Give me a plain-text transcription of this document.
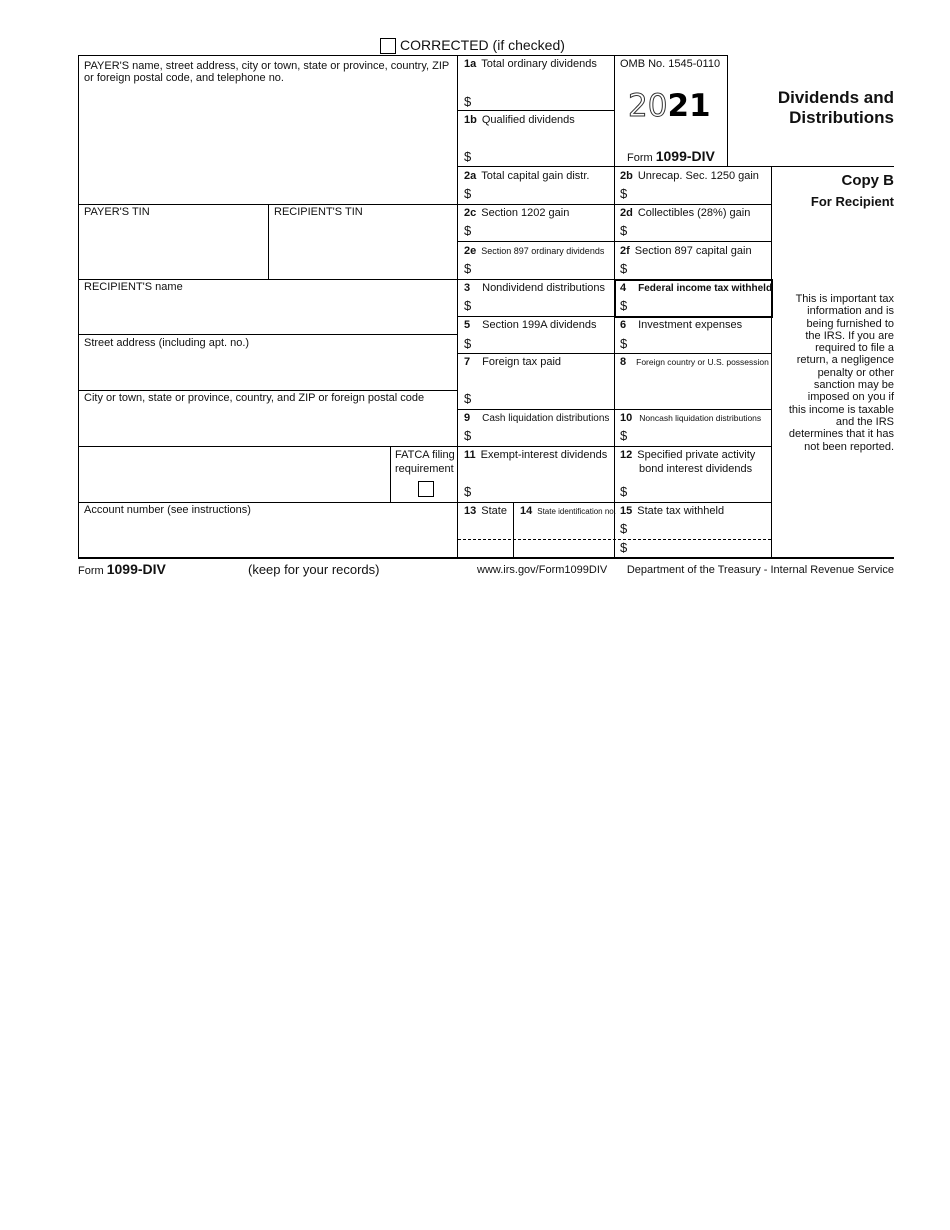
CORRECTED (if checked)
PAYER'S name, street address, city or town, state or province, country, ZIP
or foreign postal code, and telephone no.
PAYER'S TIN	RECIPIENT'S TIN
RECIPIENT'S name
Street address (including apt. no.)
City or town, state or province, country, and ZIP or foreign postal code
FATCA filing
requirement
Account number (see instructions)
1a Total ordinary dividends
$
1b Qualified dividends
$
2a Total capital gain distr.
$
2c Section 1202 gain
$
2e Section 897 ordinary dividends
$
3 Nondividend distributions
$
5 Section 199A dividends
$
7 Foreign tax paid
$
9 Cash liquidation distributions
$
11 Exempt-interest dividends
$
13 State 14 State identification no.
OMB No. 1545-0110
2021
Form 1099-DIV
2b Unrecap. Sec. 1250 gain
$
2d Collectibles (28%) gain
$
2f Section 897 capital gain
$
4 Federal income tax withheld
$
6 Investment expenses
$
8 Foreign country or U.S. possession
10 Noncash liquidation distributions
$
12 Specified private activity
bond interest dividends
$
15 State tax withheld
$
$
Dividends and
Distributions
Copy B
For Recipient
This is important tax
information and is
being furnished to
the IRS. If you are
required to file a
return, a negligence
penalty or other
sanction may be
imposed on you if
this income is taxable
and the IRS
determines that it has
not been reported.
Form 1099-DIV	(keep for your records)	www.irs.gov/Form1099DIV Department of the Treasury - Internal Revenue Service
